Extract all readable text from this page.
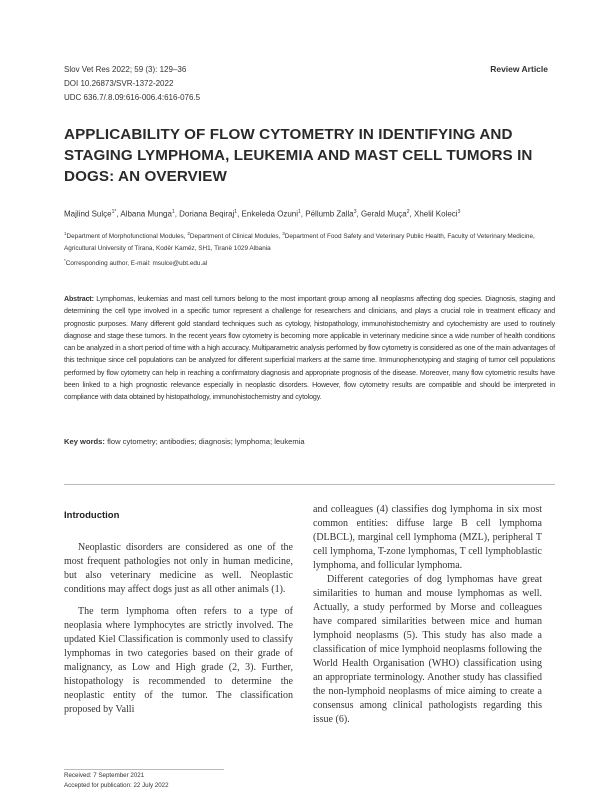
Slov Vet Res 2022; 59 (3): 129–36
DOI 10.26873/SVR-1372-2022
UDC 636.7/.8.09:616-006.4:616-076.5
Review Article
APPLICABILITY OF FLOW CYTOMETRY IN IDENTIFYING AND STAGING LYMPHOMA, LEUKEMIA AND MAST CELL TUMORS IN DOGS: AN OVERVIEW
Majlind Sulçe$^{1*}$, Albana Munga$^1$, Doriana Beqiraj$^1$, Enkeleda Ozuni$^1$, Pëllumb Zalla$^3$, Gerald Muça$^2$, Xhelil Koleci$^3$
$^1$Department of Morphofunctional Modules, $^2$Department of Clinical Modules, $^3$Department of Food Safety and Veterinary Public Health, Faculty of Veterinary Medicine, Agricultural University of Tirana, Kodër Kamëz, SH1, Tiranë 1029 Albania
*Corresponding author, E-mail: msulce@ubt.edu.al
Abstract: Lymphomas, leukemias and mast cell tumors belong to the most important group among all neoplasms affecting dog species. Diagnosis, staging and determining the cell type involved in a specific tumor represent a challenge for researchers and clinicians, and plays a crucial role in treatment efficacy and prognostic purposes. Many different gold standard techniques such as cytology, histopathology, immunohistochemistry and cytochemistry are used to routinely diagnose and stage these tumors. In the recent years flow cytometry is becoming more applicable in veterinary medicine since a wide number of health conditions can be analyzed in a short period of time with a high accuracy. Multiparametric analysis performed by flow cytometry is considered as one of the main advantages of this technique since cell populations can be analyzed for different superficial markers at the same time. Immunophenotyping and staging of tumor cell populations performed by flow cytometry can help in reaching a confirmatory diagnosis and appropriate prognosis of the disease. Moreover, many flow cytometric results have been linked to a high prognostic relevance especially in neoplastic disorders. However, flow cytometry results are compatible and should be interpreted in compliance with data obtained by histopathology, immunohistochemistry and cytology.
Key words: flow cytometry; antibodies; diagnosis; lymphoma; leukemia
Introduction

Neoplastic disorders are considered as one of the most frequent pathologies not only in human medicine, but also veterinary medicine as well. Neoplastic conditions may affect dogs just as all other animals (1).

The term lymphoma often refers to a type of neoplasia where lymphocytes are strictly involved. The updated Kiel Classification is commonly used to classify lymphomas in two categories based on their grade of malignancy, as Low and High grade (2, 3). Further, histopathology is recommended to determine the neoplastic entity of the tumor. The classification proposed by Valli

and colleagues (4) classifies dog lymphoma in six most common entities: diffuse large B cell lymphoma (DLBCL), marginal cell lymphoma (MZL), peripheral T cell lymphoma, T-zone lymphomas, T cell lymphoblastic lymphoma, and follicular lymphoma.

Different categories of dog lymphomas have great similarities to human and mouse lymphomas as well. Actually, a study performed by Morse and colleagues have compared similarities between mice and human lymphoid neoplasms (5). This study has also made a classification of mice lymphoid neoplasms following the World Health Organisation (WHO) classification using an appropriate terminology. Another study has classified the non-lymphoid neoplasms of mice aiming to create a consensus among clinical pathologists regarding this issue (6).

Received: 7 September 2021
Accepted for publication: 22 July 2022
